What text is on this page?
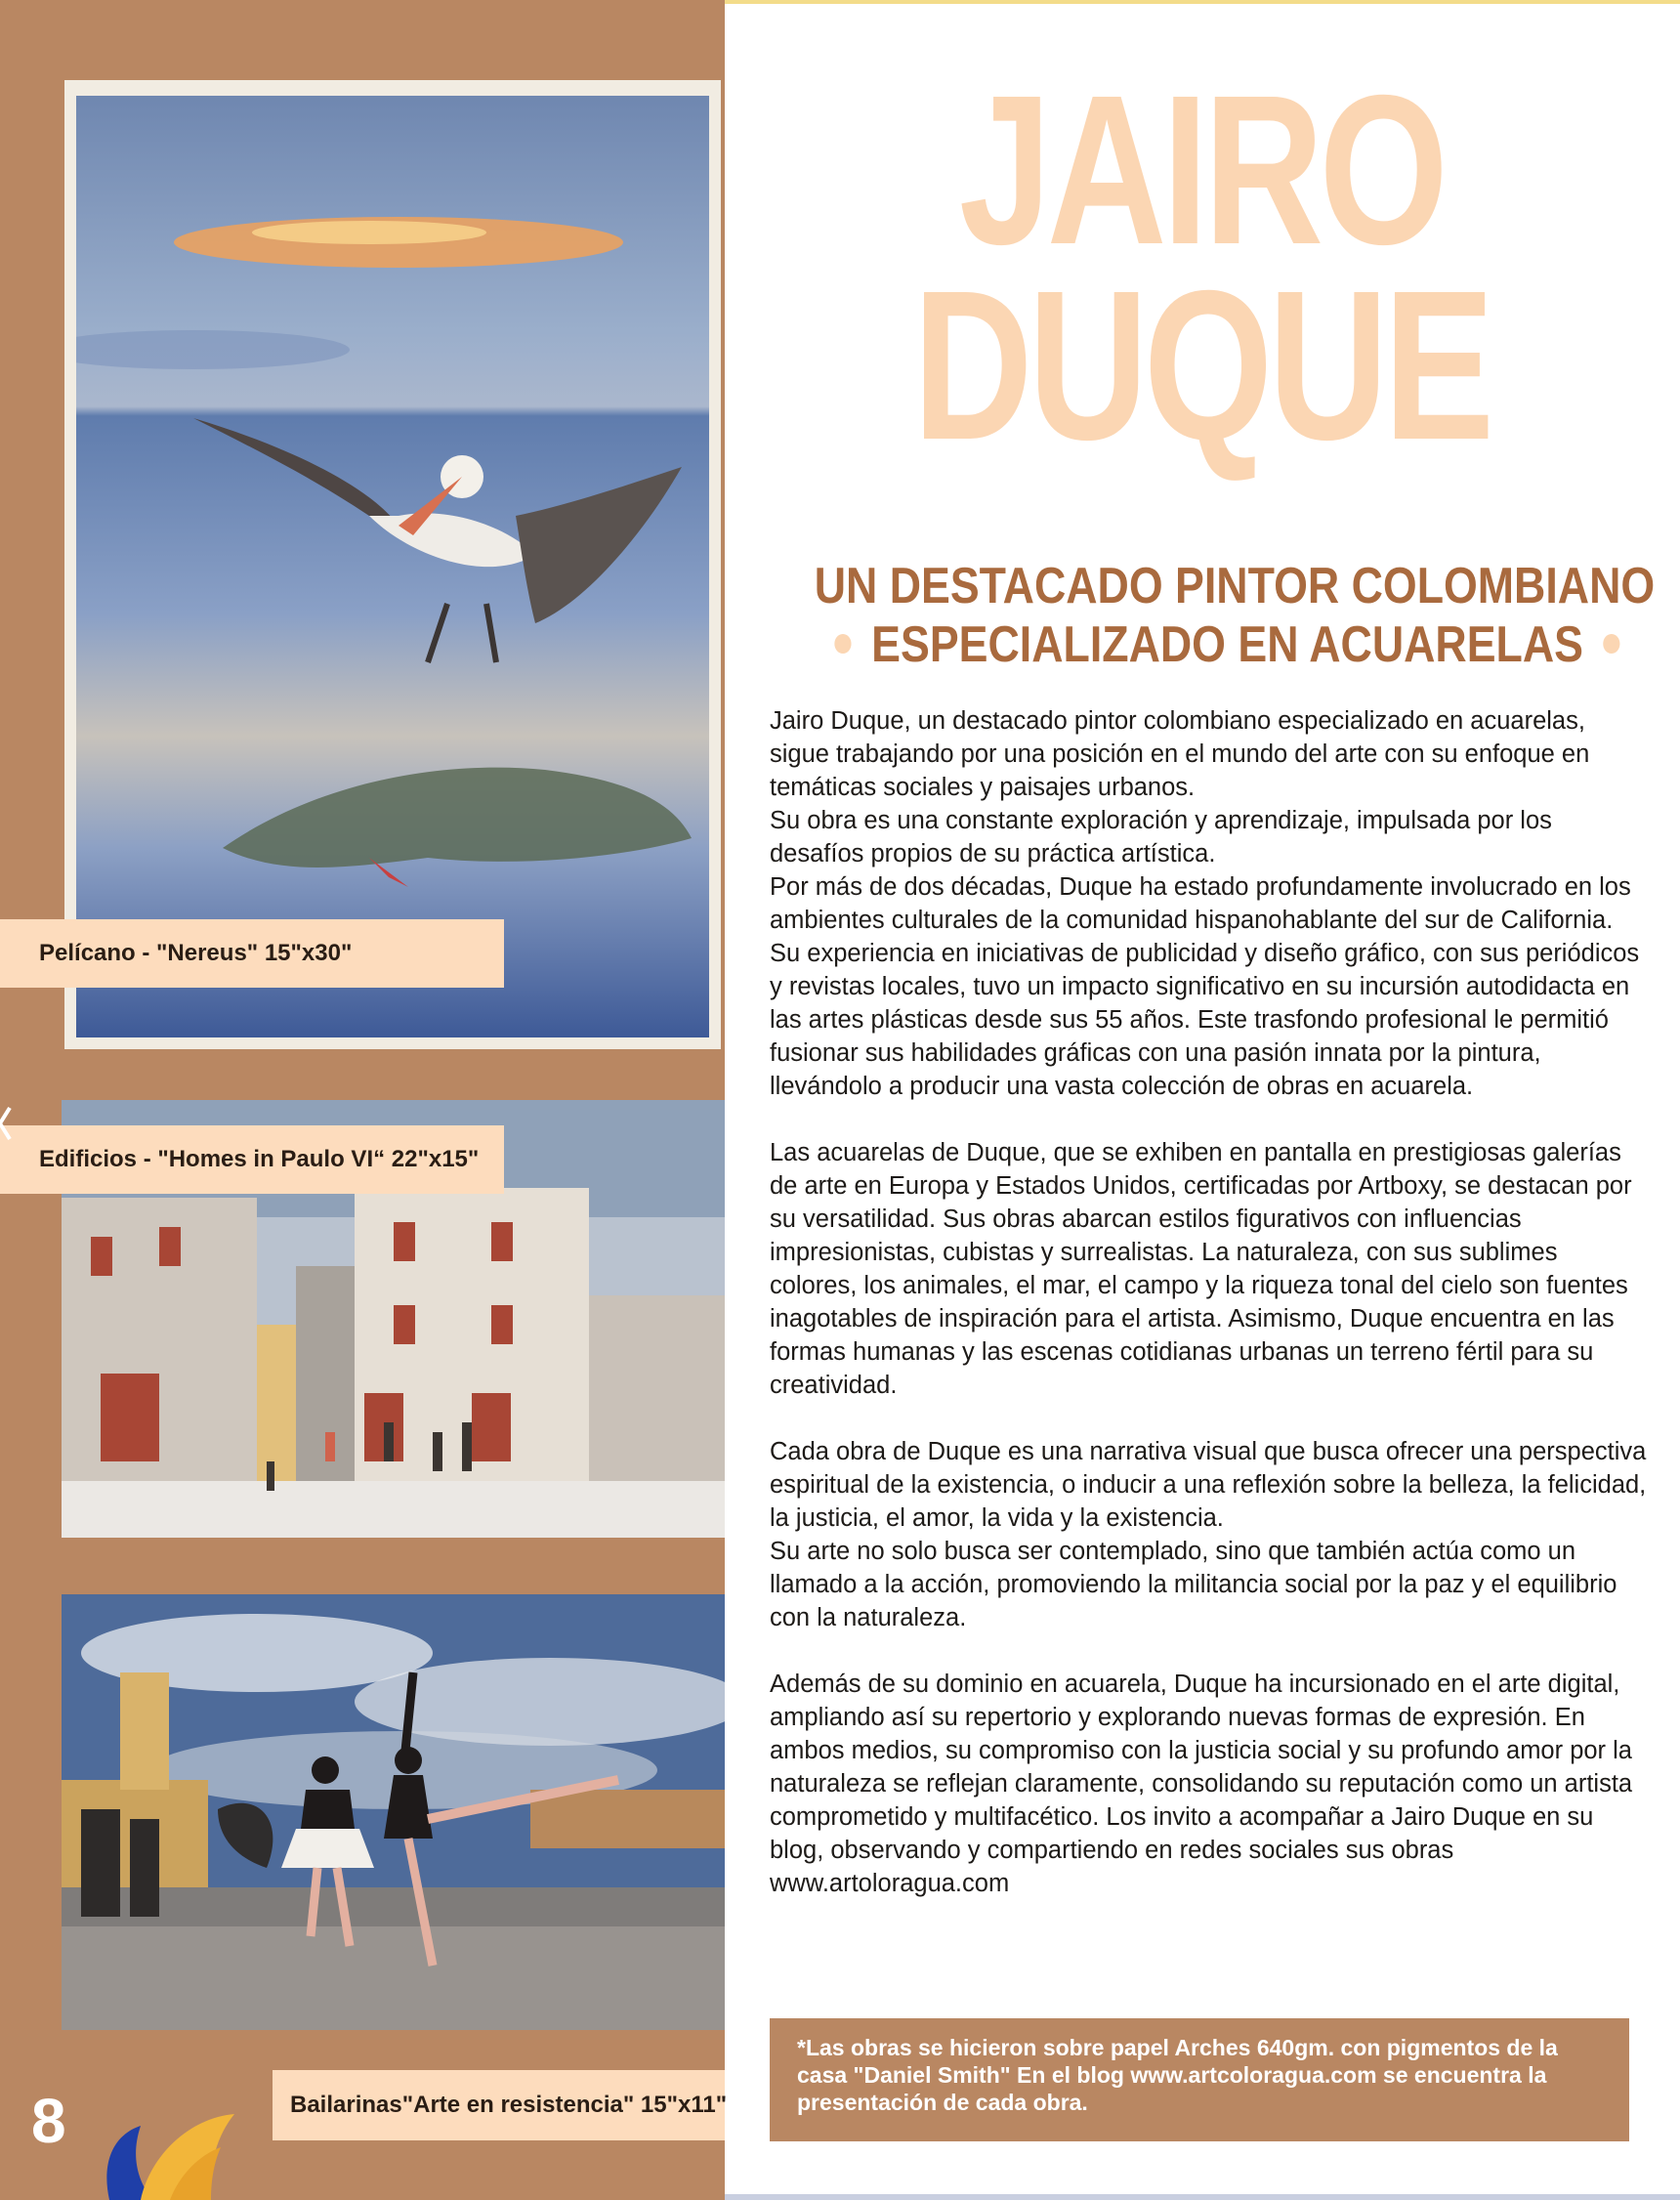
Pelícano - "Nereus" 15"x30"
Edificios - "Homes in Paulo VI“ 22"x15"
Bailarinas"Arte en resistencia" 15"x11"
8
JAIRO
DUQUE
UN DESTACADO PINTOR COLOMBIANO
ESPECIALIZADO EN ACUARELAS

Jairo Duque, un destacado pintor colombiano especializado en acuarelas, sigue trabajando por una posición en el mundo del arte con su enfoque en temáticas sociales y paisajes urbanos.

Su obra es una constante exploración y aprendizaje, impulsada por los desafíos propios de su práctica artística.

Por más de dos décadas, Duque ha estado profundamente involucrado en los ambientes culturales de la comunidad hispanohablante del sur de California. Su experiencia en iniciativas de publicidad y diseño gráfico, con sus periódicos y revistas locales, tuvo un impacto significativo en su incursión autodidacta en las artes plásticas desde sus 55 años. Este trasfondo profesional le permitió fusionar sus habilidades gráficas con una pasión innata por la pintura, llevándolo a producir una vasta colección de obras en acuarela.

Las acuarelas de Duque, que se exhiben en pantalla en prestigiosas galerías de arte en Europa y Estados Unidos, certificadas por Artboxy, se destacan por su versatilidad. Sus obras abarcan estilos figurativos con influencias impresionistas, cubistas y surrealistas. La naturaleza, con sus sublimes colores, los animales, el mar, el campo y la riqueza tonal del cielo son fuentes inagotables de inspiración para el artista. Asimismo, Duque encuentra en las formas humanas y las escenas cotidianas urbanas un terreno fértil para su creatividad.

Cada obra de Duque es una narrativa visual que busca ofrecer una perspectiva espiritual de la existencia, o inducir a una reflexión sobre la belleza, la felicidad, la justicia, el amor, la vida y la existencia.

Su arte no solo busca ser contemplado, sino que también actúa como un llamado a la acción, promoviendo la militancia social por la paz y el equilibrio con la naturaleza.

Además de su dominio en acuarela, Duque ha incursionado en el arte digital, ampliando así su repertorio y explorando nuevas formas de expresión. En ambos medios, su compromiso con la justicia social y su profundo amor por la naturaleza se reflejan claramente, consolidando su reputación como un artista comprometido y multifacético. Los invito a acompañar a Jairo Duque en su blog, observando y compartiendo en redes sociales sus obras

www.artoloragua.com

*Las obras se hicieron sobre papel Arches 640gm. con pigmentos de la casa "Daniel Smith" En el blog www.artcoloragua.com se encuentra la presentación de cada obra.
